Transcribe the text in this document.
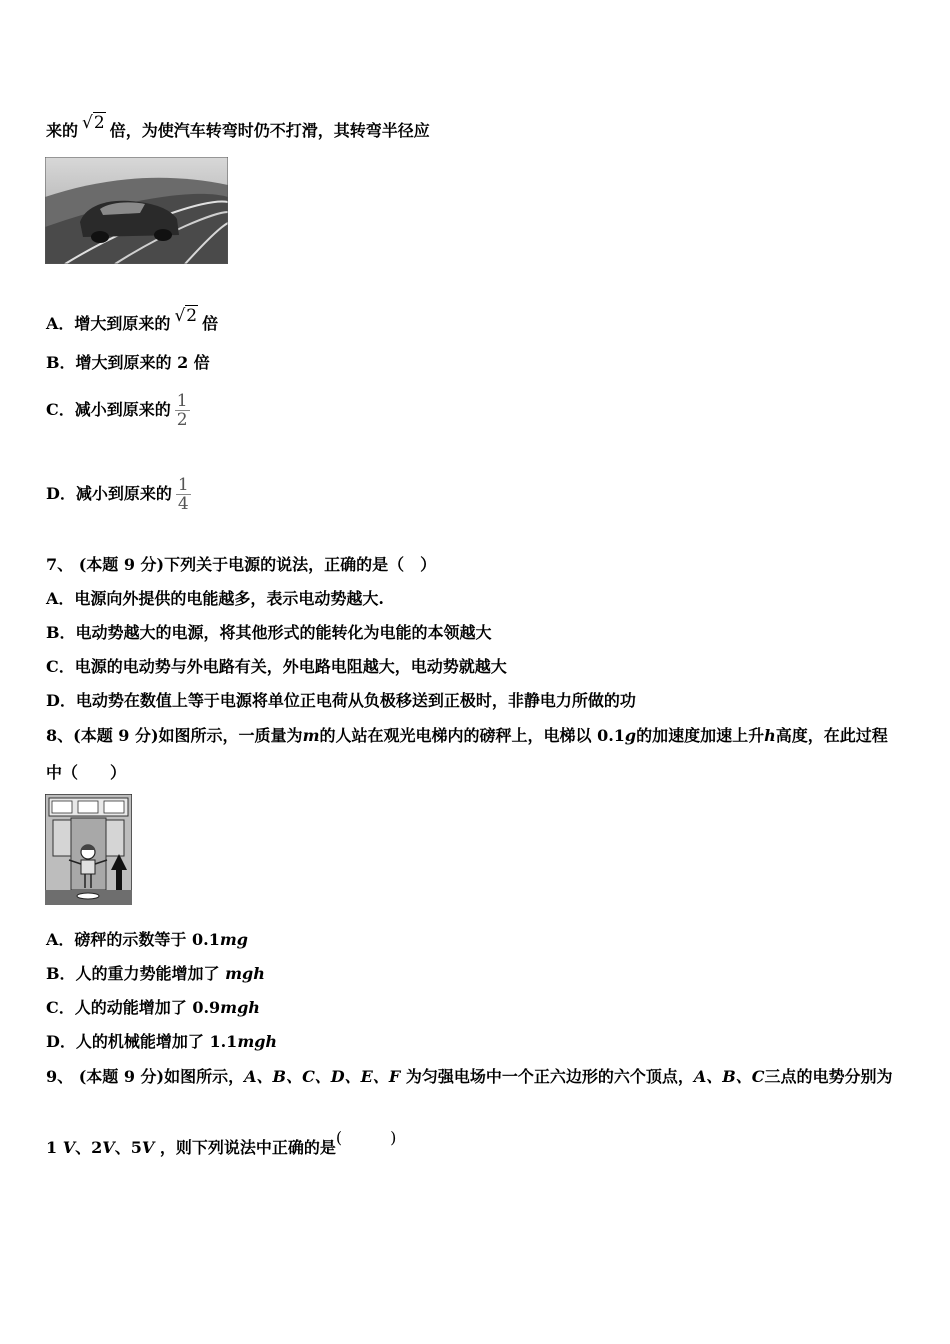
来的 √2 倍，为使汽车转弯时仍不打滑，其转弯半径应
A．增大到原来的 √2 倍
B．增大到原来的 2 倍
C．减小到原来的 $\frac{1}{2}$
D．减小到原来的 $\frac{1}{4}$
7、 (本题 9 分)下列关于电源的说法，正确的是（　）
A．电源向外提供的电能越多，表示电动势越大.
B．电动势越大的电源，将其他形式的能转化为电能的本领越大
C．电源的电动势与外电路有关，外电路电阻越大，电动势就越大
D．电动势在数值上等于电源将单位正电荷从负极移送到正极时，非静电力所做的功
8、(本题 9 分)如图所示，一质量为m的人站在观光电梯内的磅秤上，电梯以 0.1g的加速度加速上升h高度，在此过程
中（　　）
A．磅秤的示数等于 0.1mg
B．人的重力势能增加了 mgh
C．人的动能增加了 0.9mgh
D．人的机械能增加了 1.1mgh
9、 (本题 9 分)如图所示，A、B、C、D、E、F 为匀强电场中一个正六边形的六个顶点，A、B、C三点的电势分别为
1 V、2V、5V ，则下列说法中正确的是(　　　)
